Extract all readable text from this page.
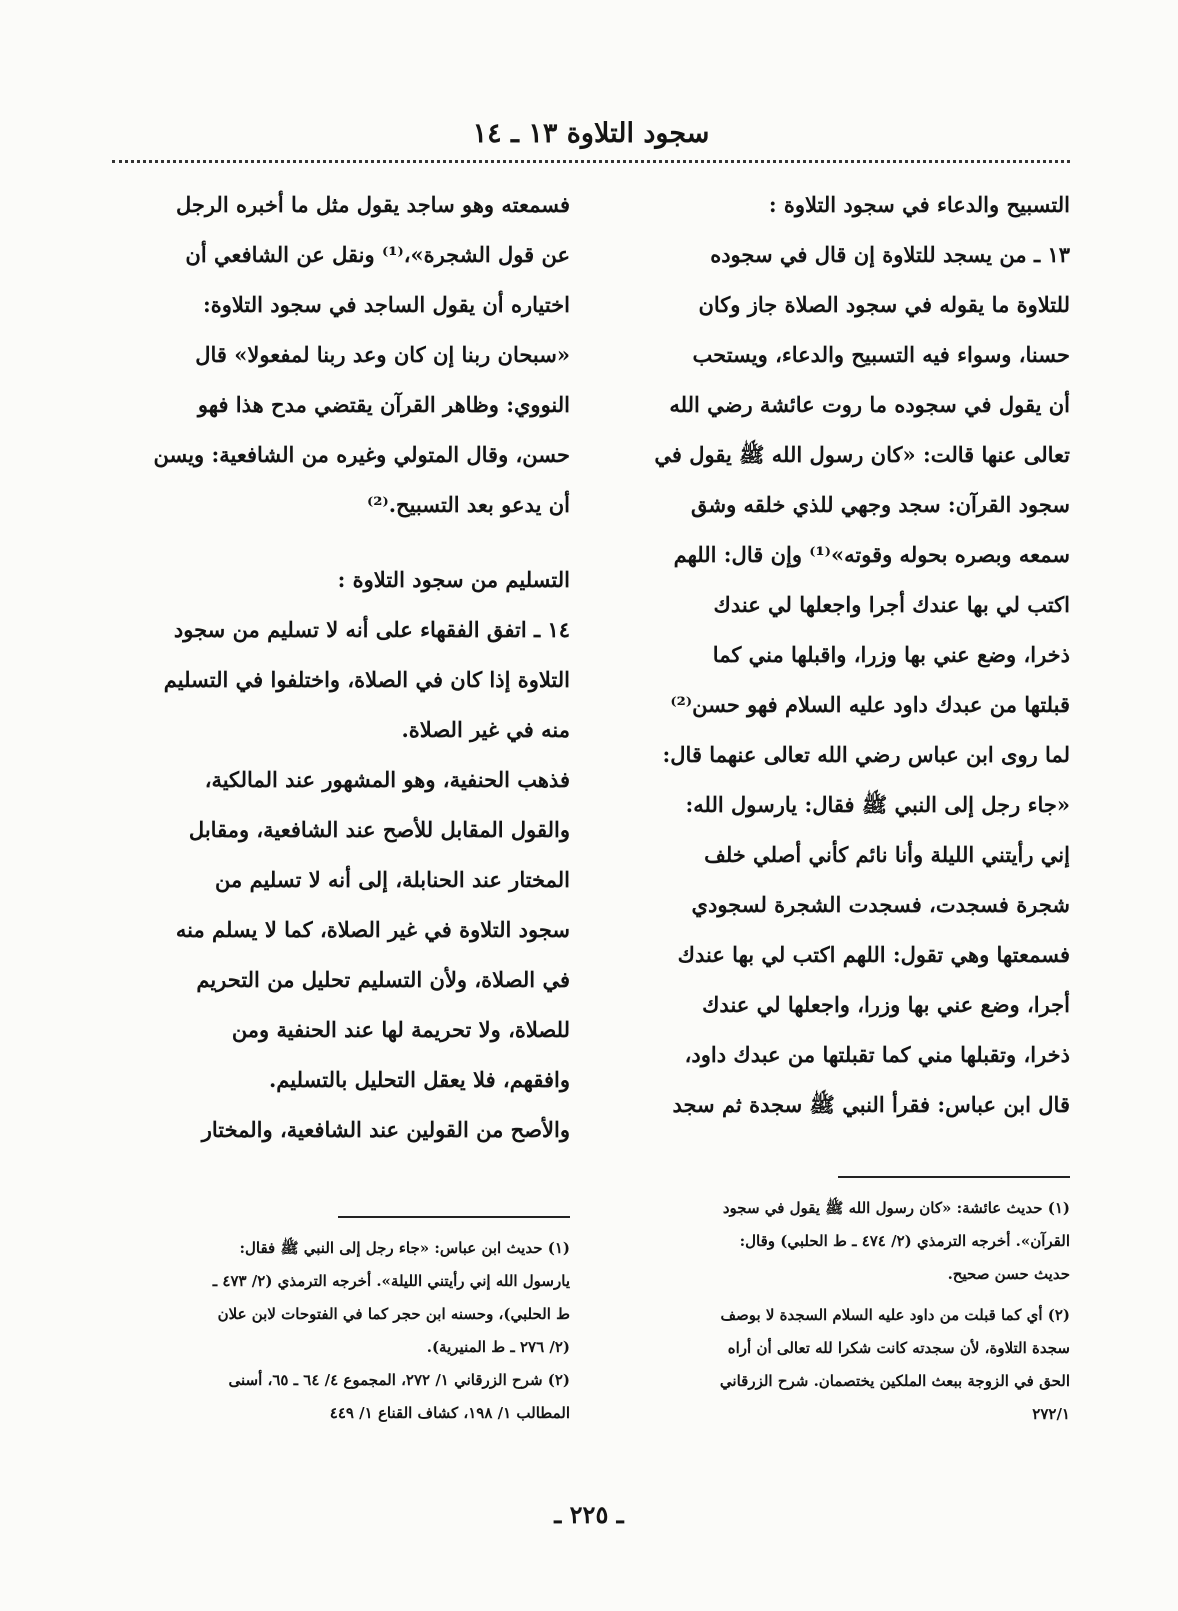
سجود التلاوة ١٣ ـ ١٤
التسبيح والدعاء في سجود التلاوة :
١٣ ـ من يسجد للتلاوة إن قال في سجوده
للتلاوة ما يقوله في سجود الصلاة جاز وكان
حسنا، وسواء فيه التسبيح والدعاء، ويستحب
أن يقول في سجوده ما روت عائشة رضي الله
تعالى عنها قالت: «كان رسول الله ﷺ يقول في
سجود القرآن: سجد وجهي للذي خلقه وشق
سمعه وبصره بحوله وقوته»⁽¹⁾ وإن قال: اللهم
اكتب لي بها عندك أجرا واجعلها لي عندك
ذخرا، وضع عني بها وزرا، واقبلها مني كما
قبلتها من عبدك داود عليه السلام فهو حسن⁽²⁾
لما روى ابن عباس رضي الله تعالى عنهما قال:
«جاء رجل إلى النبي ﷺ فقال: يارسول الله:
إني رأيتني الليلة وأنا نائم كأني أصلي خلف
شجرة فسجدت، فسجدت الشجرة لسجودي
فسمعتها وهي تقول: اللهم اكتب لي بها عندك
أجرا، وضع عني بها وزرا، واجعلها لي عندك
ذخرا، وتقبلها مني كما تقبلتها من عبدك داود،
قال ابن عباس: فقرأ النبي ﷺ سجدة ثم سجد
فسمعته وهو ساجد يقول مثل ما أخبره الرجل
عن قول الشجرة»،⁽¹⁾ ونقل عن الشافعي أن
اختياره أن يقول الساجد في سجود التلاوة:
«سبحان ربنا إن كان وعد ربنا لمفعولا» قال
النووي: وظاهر القرآن يقتضي مدح هذا فهو
حسن، وقال المتولي وغيره من الشافعية: ويسن
أن يدعو بعد التسبيح.⁽²⁾
التسليم من سجود التلاوة :
١٤ ـ اتفق الفقهاء على أنه لا تسليم من سجود
التلاوة إذا كان في الصلاة، واختلفوا في التسليم
منه في غير الصلاة.
فذهب الحنفية، وهو المشهور عند المالكية،
والقول المقابل للأصح عند الشافعية، ومقابل
المختار عند الحنابلة، إلى أنه لا تسليم من
سجود التلاوة في غير الصلاة، كما لا يسلم منه
في الصلاة، ولأن التسليم تحليل من التحريم
للصلاة، ولا تحريمة لها عند الحنفية ومن
وافقهم، فلا يعقل التحليل بالتسليم.
والأصح من القولين عند الشافعية، والمختار
(١) حديث عائشة: «كان رسول الله ﷺ يقول في سجود
القرآن». أخرجه الترمذي (٢/ ٤٧٤ ـ ط الحلبي) وقال:
حديث حسن صحيح.
(٢) أي كما قبلت من داود عليه السلام السجدة لا بوصف
سجدة التلاوة، لأن سجدته كانت شكرا لله تعالى أن أراه
الحق في الزوجة ببعث الملكين يختصمان. شرح الزرقاني
٢٧٢/١
(١) حديث ابن عباس: «جاء رجل إلى النبي ﷺ فقال:
يارسول الله إني رأيتني الليلة». أخرجه الترمذي (٢/ ٤٧٣ ـ
ط الحلبي)، وحسنه ابن حجر كما في الفتوحات لابن علان
(٢/ ٢٧٦ ـ ط المنيرية).
(٢) شرح الزرقاني ١/ ٢٧٢، المجموع ٤/ ٦٤ ـ ٦٥، أسنى
المطالب ١/ ١٩٨، كشاف القناع ١/ ٤٤٩
ـ ٢٢٥ ـ
